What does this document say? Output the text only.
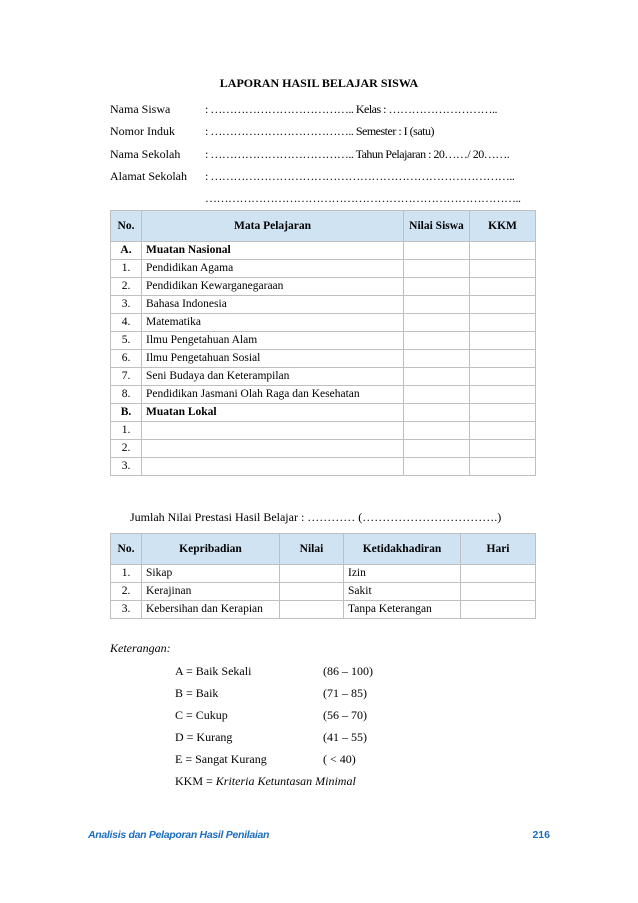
LAPORAN HASIL BELAJAR SISWA
Nama Siswa	: ……………………………….. Kelas : ………………………..
Nomor Induk	: ……………………………….. Semester : I (satu)
Nama Sekolah : ……………………………….. Tahun Pelajaran : 20……/ 20…….
Alamat Sekolah : ……………………………………………………………………..
………………………………………………………………………..
No.	Mata Pelajaran	Nilai Siswa	KKM
A.	Muatan Nasional		
1.	Pendidikan Agama		
2.	Pendidikan Kewarganegaraan		
3.	Bahasa Indonesia		
4.	Matematika		
5.	Ilmu Pengetahuan Alam		
6.	Ilmu Pengetahuan Sosial		
7.	Seni Budaya dan Keterampilan		
8.	Pendidikan Jasmani Olah Raga dan Kesehatan		
B.	Muatan Lokal		
1.			
2.			
3.			
Jumlah Nilai Prestasi Hasil Belajar : ………… (…………………………….)
No.	Kepribadian	Nilai	Ketidakhadiran	Hari
1.	Sikap		Izin	
2.	Kerajinan		Sakit	
3.	Kebersihan dan Kerapian		Tanpa Keterangan	
Keterangan:
A = Baik Sekali	(86 – 100)
B = Baik	(71 – 85)
C = Cukup	(56 – 70)
D = Kurang	(41 – 55)
E = Sangat Kurang	( < 40)
KKM = Kriteria Ketuntasan Minimal
Analisis dan Pelaporan Hasil Penilaian	216
